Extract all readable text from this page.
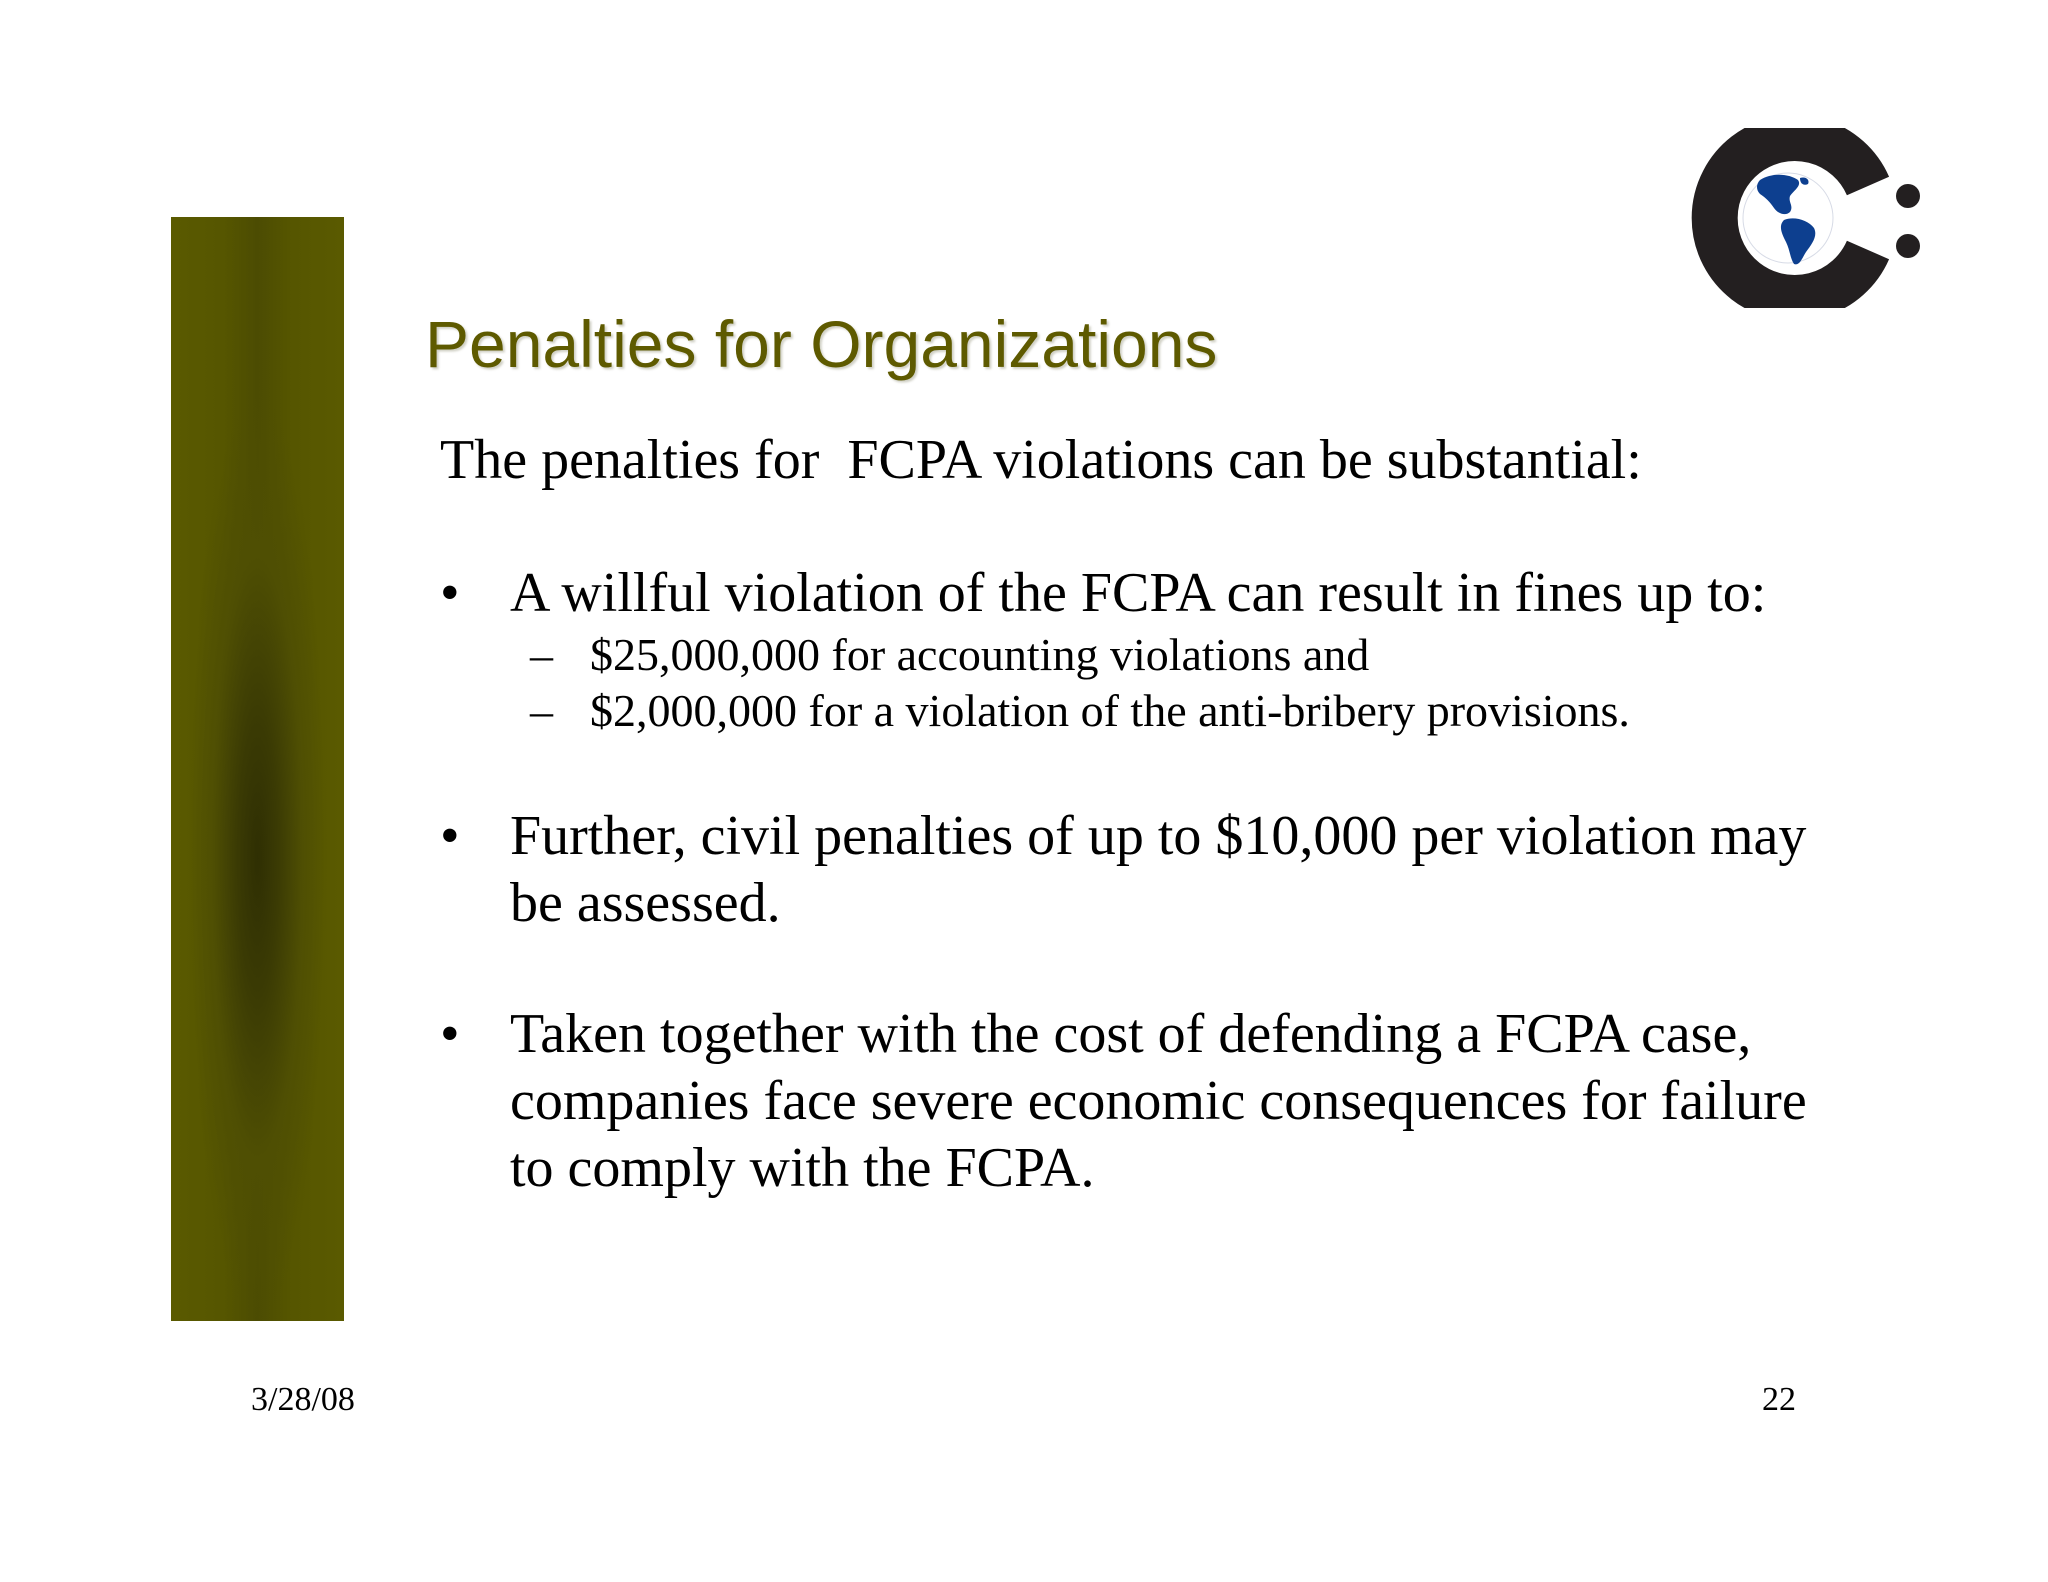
Penalties for Organizations

The penalties for  FCPA violations can be substantial:

• A willful violation of the FCPA can result in fines up to:
– $25,000,000 for accounting violations and
– $2,000,000 for a violation of the anti-bribery provisions.
• Further, civil penalties of up to $10,000 per violation may be assessed.
• Taken together with the cost of defending a FCPA case, companies face severe economic consequences for failure to comply with the FCPA.
3/28/08	22
